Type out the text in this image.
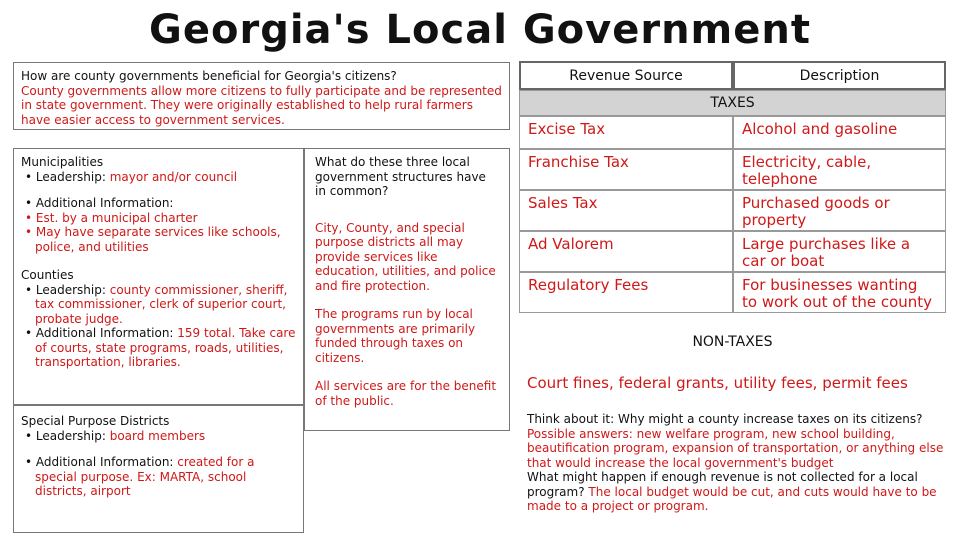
Georgia's Local Government
How are county governments beneficial for Georgia's citizens?
County governments allow more citizens to fully participate and be represented in state government. They were originally established to help rural farmers have easier access to government services.
Municipalities
• Leadership: mayor and/or council
• Additional Information:
• Est. by a municipal charter
• May have separate services like schools, police, and utilities
Counties
• Leadership: county commissioner, sheriff, tax commissioner, clerk of superior court, probate judge.
• Additional Information: 159 total. Take care of courts, state programs, roads, utilities, transportation, libraries.
Special Purpose Districts
• Leadership: board members
• Additional Information: created for a special purpose. Ex: MARTA, school districts, airport
What do these three local government structures have in common?
City, County, and special purpose districts all may provide services like education, utilities, and police and fire protection.
The programs run by local governments are primarily funded through taxes on citizens.
All services are for the benefit of the public.
Revenue Source	Description
TAXES
Excise Tax	Alcohol and gasoline
Franchise Tax	Electricity, cable, telephone
Sales Tax	Purchased goods or property
Ad Valorem	Large purchases like a car or boat
Regulatory Fees	For businesses wanting to work out of the county
NON-TAXES
Court fines, federal grants, utility fees, permit fees
Think about it: Why might a county increase taxes on its citizens? Possible answers: new welfare program, new school building, beautification program, expansion of transportation, or anything else that would increase the local government's budget
What might happen if enough revenue is not collected for a local program? The local budget would be cut, and cuts would have to be made to a project or program.
